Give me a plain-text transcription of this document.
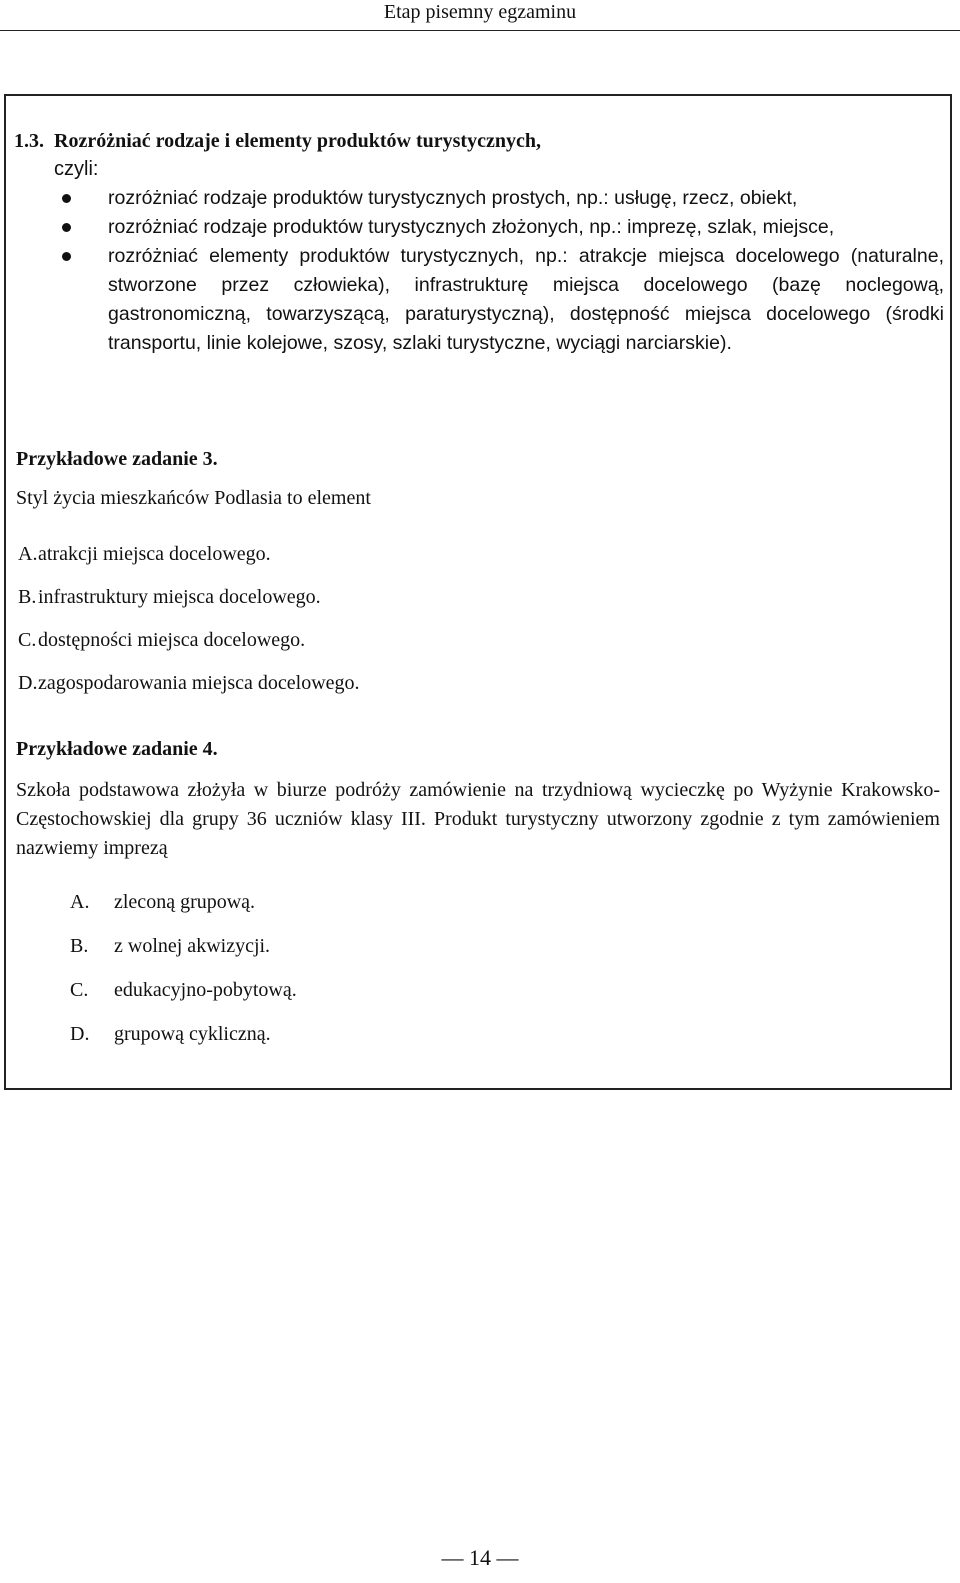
Etap pisemny egzaminu
1.3. Rozróżniać rodzaje i elementy produktów turystycznych,
czyli:
rozróżniać rodzaje produktów turystycznych prostych, np.: usługę, rzecz, obiekt,
rozróżniać rodzaje produktów turystycznych złożonych, np.: imprezę, szlak, miejsce,
rozróżniać elementy produktów turystycznych, np.: atrakcje miejsca docelowego (naturalne, stworzone przez człowieka), infrastrukturę miejsca docelowego (bazę noclegową, gastronomiczną, towarzyszącą, paraturystyczną), dostępność miejsca docelowego (środki transportu, linie kolejowe, szosy, szlaki turystyczne, wyciągi narciarskie).
Przykładowe zadanie 3.
Styl życia mieszkańców Podlasia to element
A.atrakcji miejsca docelowego.
B.infrastruktury miejsca docelowego.
C.dostępności miejsca docelowego.
D.zagospodarowania miejsca docelowego.
Przykładowe zadanie 4.
Szkoła podstawowa złożyła w biurze podróży zamówienie na trzydniową wycieczkę po Wyżynie Krakowsko-Częstochowskiej dla grupy 36 uczniów klasy III. Produkt turystyczny utworzony zgodnie z tym zamówieniem nazwiemy imprezą
A. zleconą grupową.
B. z wolnej akwizycji.
C. edukacyjno-pobytową.
D. grupową cykliczną.
— 14 —
